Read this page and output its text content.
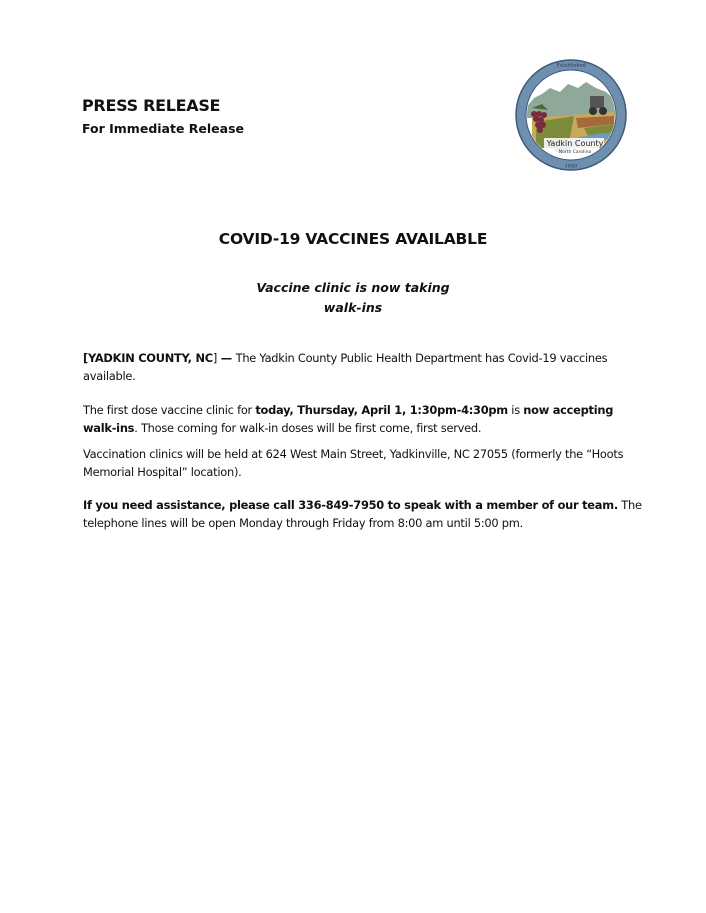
PRESS RELEASE
For Immediate Release
Yadkin County
North Carolina
Established
1850
COVID-19 VACCINES AVAILABLE
Vaccine clinic is now taking
walk-ins
[YADKIN COUNTY, NC] — The Yadkin County Public Health Department has Covid-19 vaccines available.
The first dose vaccine clinic for today, Thursday, April 1, 1:30pm-4:30pm is now accepting walk-ins. Those coming for walk-in doses will be first come, first served.
Vaccination clinics will be held at 624 West Main Street, Yadkinville, NC 27055 (formerly the “Hoots Memorial Hospital” location).
If you need assistance, please call 336-849-7950 to speak with a member of our team. The telephone lines will be open Monday through Friday from 8:00 am until 5:00 pm.
